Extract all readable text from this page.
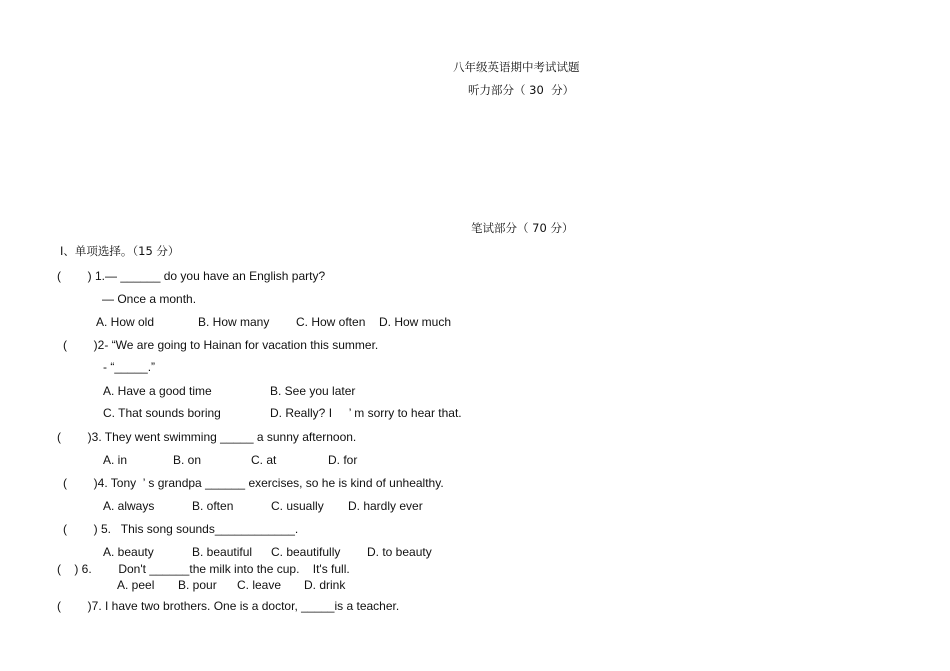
八年级英语期中考试试题
听力部分（ 30  分）
笔试部分（ 70 分）
Ⅰ、单项选择。（15 分）
(        ) 1.— ______ do you have an English party?
— Once a month.
A. How old	B. How many C. How often D. How much
(        )2- “We are going to Hainan for vacation this summer.
- “_____.”
A. Have a good time	B. See you later
C. That sounds boring	D. Really? I     ’ m sorry to hear that.
(        )3. They went swimming _____ a sunny afternoon.
A. in	B. on	C. at	D. for
(        )4. Tony  ’ s grandpa ______ exercises, so he is kind of unhealthy.
A. always	B. often	C. usually D. hardly ever
(        ) 5.   This song sounds____________.
A. beauty	B. beautiful C. beautifully D. to beauty
(    ) 6.        Don't ______the milk into the cup.    It's full.
A. peel B. pour C. leave D. drink
(        )7. I have two brothers. One is a doctor, _____is a teacher.
